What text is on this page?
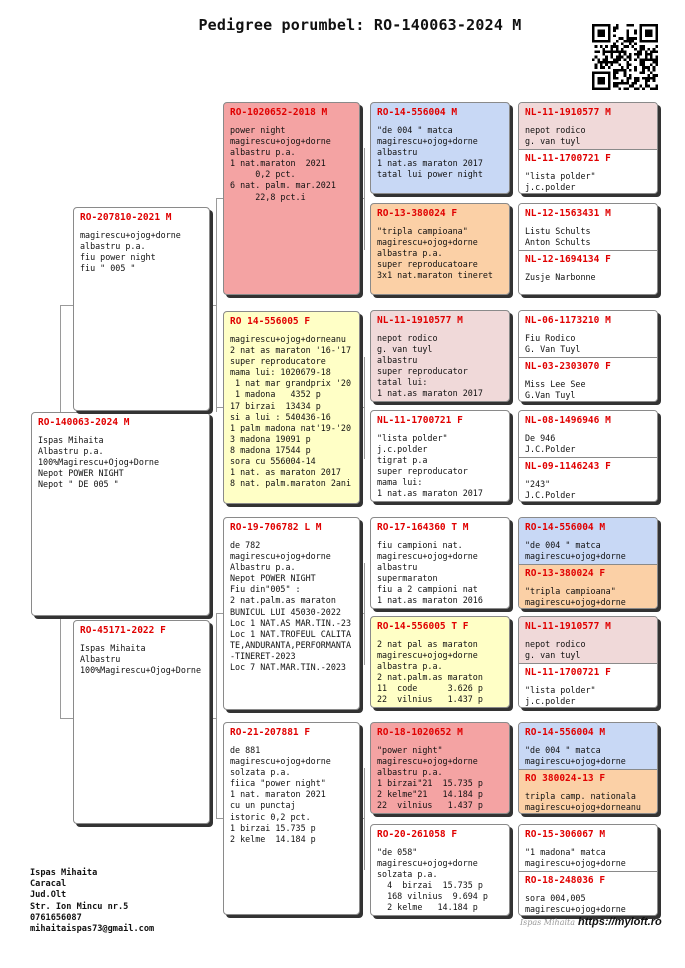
Pedigree porumbel: RO-140063-2024 M
RO-140063-2024 M
Ispas Mihaita
Albastru p.a.
100%Magirescu+Ojog+Dorne
Nepot POWER NIGHT
Nepot " DE 005 "
RO-207810-2021 M
magirescu+ojog+dorne
albastru p.a.
fiu power night
fiu " 005 "
RO-45171-2022 F
Ispas Mihaita
Albastru
100%Magirescu+Ojog+Dorne
RO-1020652-2018 M
power night
magirescu+ojog+dorne
albastru p.a.
1 nat.maraton  2021
0,2 pct.
6 nat. palm. mar.2021
22,8 pct.i
RO 14-556005 F
magirescu+ojog+dorneanu
2 nat as maraton '16-'17
super reproducatore
mama lui: 1020679-18
1 nat mar grandprix '20
1 madona   4352 p
17 birzai  13434 p
si a lui : 540436-16
1 palm madona nat'19-'20
3 madona 19091 p
8 madona 17544 p
sora cu 556004-14
1 nat. as maraton 2017
8 nat. palm.maraton 2ani
RO-19-706782 L M
de 782
magirescu+ojog+dorne
Albastru p.a.
Nepot POWER NIGHT
Fiu din"005" :
2 nat.palm.as maraton
BUNICUL LUI 45030-2022
Loc 1 NAT.AS MAR.TIN.-23
Loc 1 NAT.TROFEUL CALITA
TE,ANDURANTA,PERFORMANTA
-TINERET-2023
Loc 7 NAT.MAR.TIN.-2023
RO-21-207881 F
de 881
magirescu+ojog+dorne
solzata p.a.
fiica "power night"
1 nat. maraton 2021
cu un punctaj
istoric 0,2 pct.
1 birzai 15.735 p
2 kelme  14.184 p
RO-14-556004 M
"de 004 " matca
magirescu+ojog+dorne
albastru
1 nat.as maraton 2017
tatal lui power night
RO-13-380024 F
"tripla campioana"
magirescu+ojog+dorne
albastra p.a.
super reproducatoare
3x1 nat.maraton tineret
NL-11-1910577 M
nepot rodico
g. van tuyl
albastru
super reproducator
tatal lui:
1 nat.as maraton 2017
NL-11-1700721 F
"lista polder"
j.c.polder
tigrat p.a
super reproducator
mama lui:
1 nat.as maraton 2017
RO-17-164360 T M
fiu campioni nat.
magirescu+ojog+dorne
albastru
supermaraton
fiu a 2 campioni nat
1 nat.as maraton 2016
RO-14-556005 T F
2 nat pal as maraton
magirescu+ojog+dorne
albastra p.a.
2 nat.palm.as maraton
11  code      3.626 p
22  vilnius   1.437 p
RO-18-1020652 M
"power night"
magirescu+ojog+dorne
albastru p.a.
1 birzai"21  15.735 p
2 kelme"21   14.184 p
22  vilnius   1.437 p
RO-20-261058 F
"de 058"
magirescu+ojog+dorne
solzata p.a.
4  birzai  15.735 p
168 vilnius  9.694 p
2 kelme   14.184 p
NL-11-1910577 M
nepot rodico
g. van tuyl
NL-11-1700721 F
"lista polder"
j.c.polder
NL-12-1563431 M
Listu Schults
Anton Schults
NL-12-1694134 F
Zusje Narbonne
NL-06-1173210 M
Fiu Rodico
G. Van Tuyl
NL-03-2303070 F
Miss Lee See
G.Van Tuyl
NL-08-1496946 M
De 946
J.C.Polder
NL-09-1146243 F
"243"
J.C.Polder
RO-14-556004 M
"de 004 " matca
magirescu+ojog+dorne
RO-13-380024 F
"tripla campioana"
magirescu+ojog+dorne
NL-11-1910577 M
nepot rodico
g. van tuyl
NL-11-1700721 F
"lista polder"
j.c.polder
RO-14-556004 M
"de 004 " matca
magirescu+ojog+dorne
RO 380024-13 F
tripla camp. nationala
magirescu+ojog+dorneanu
RO-15-306067 M
"1 madona" matca
magirescu+ojog+dorne
RO-18-248036 F
sora 004,005
magirescu+ojog+dorne
Ispas Mihaita
Caracal
Jud.Olt
Str. Ion Mincu nr.5
0761656087
mihaitaispas73@gmail.com
Ispas Mihaita https://myloft.ro
